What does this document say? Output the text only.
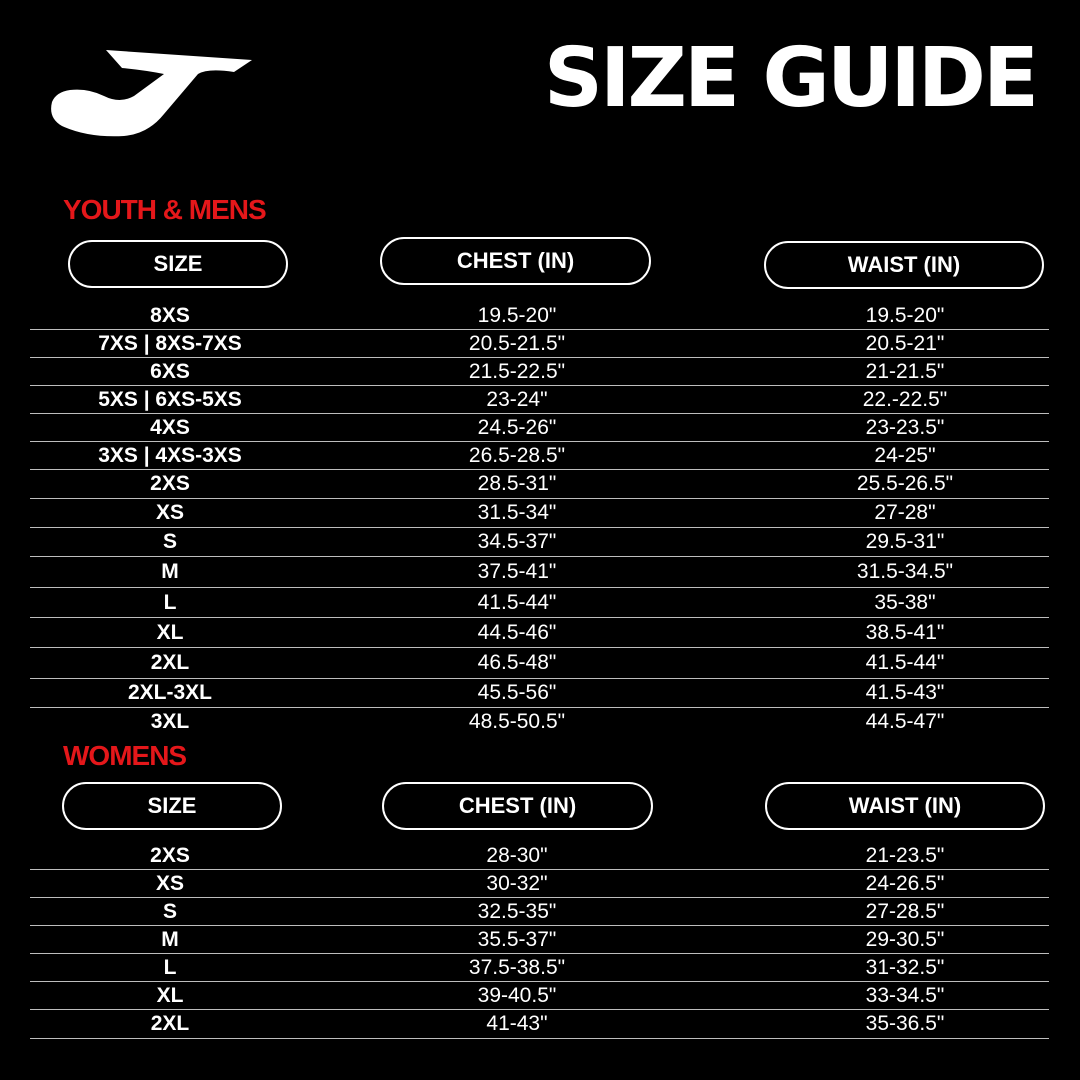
SIZE GUIDE
YOUTH & MENS
SIZE	CHEST (IN)	WAIST (IN)
8XS	19.5-20"	19.5-20"
7XS | 8XS-7XS	20.5-21.5"	20.5-21"
6XS	21.5-22.5"	21-21.5"
5XS | 6XS-5XS	23-24"	22.-22.5"
4XS	24.5-26"	23-23.5"
3XS | 4XS-3XS	26.5-28.5"	24-25"
2XS	28.5-31"	25.5-26.5"
XS	31.5-34"	27-28"
S	34.5-37"	29.5-31"
M	37.5-41"	31.5-34.5"
L	41.5-44"	35-38"
XL	44.5-46"	38.5-41"
2XL	46.5-48"	41.5-44"
2XL-3XL	45.5-56"	41.5-43"
3XL	48.5-50.5"	44.5-47"
WOMENS
SIZE	CHEST (IN)	WAIST (IN)
2XS	28-30"	21-23.5"
XS	30-32"	24-26.5"
S	32.5-35"	27-28.5"
M	35.5-37"	29-30.5"
L	37.5-38.5"	31-32.5"
XL	39-40.5"	33-34.5"
2XL	41-43"	35-36.5"
